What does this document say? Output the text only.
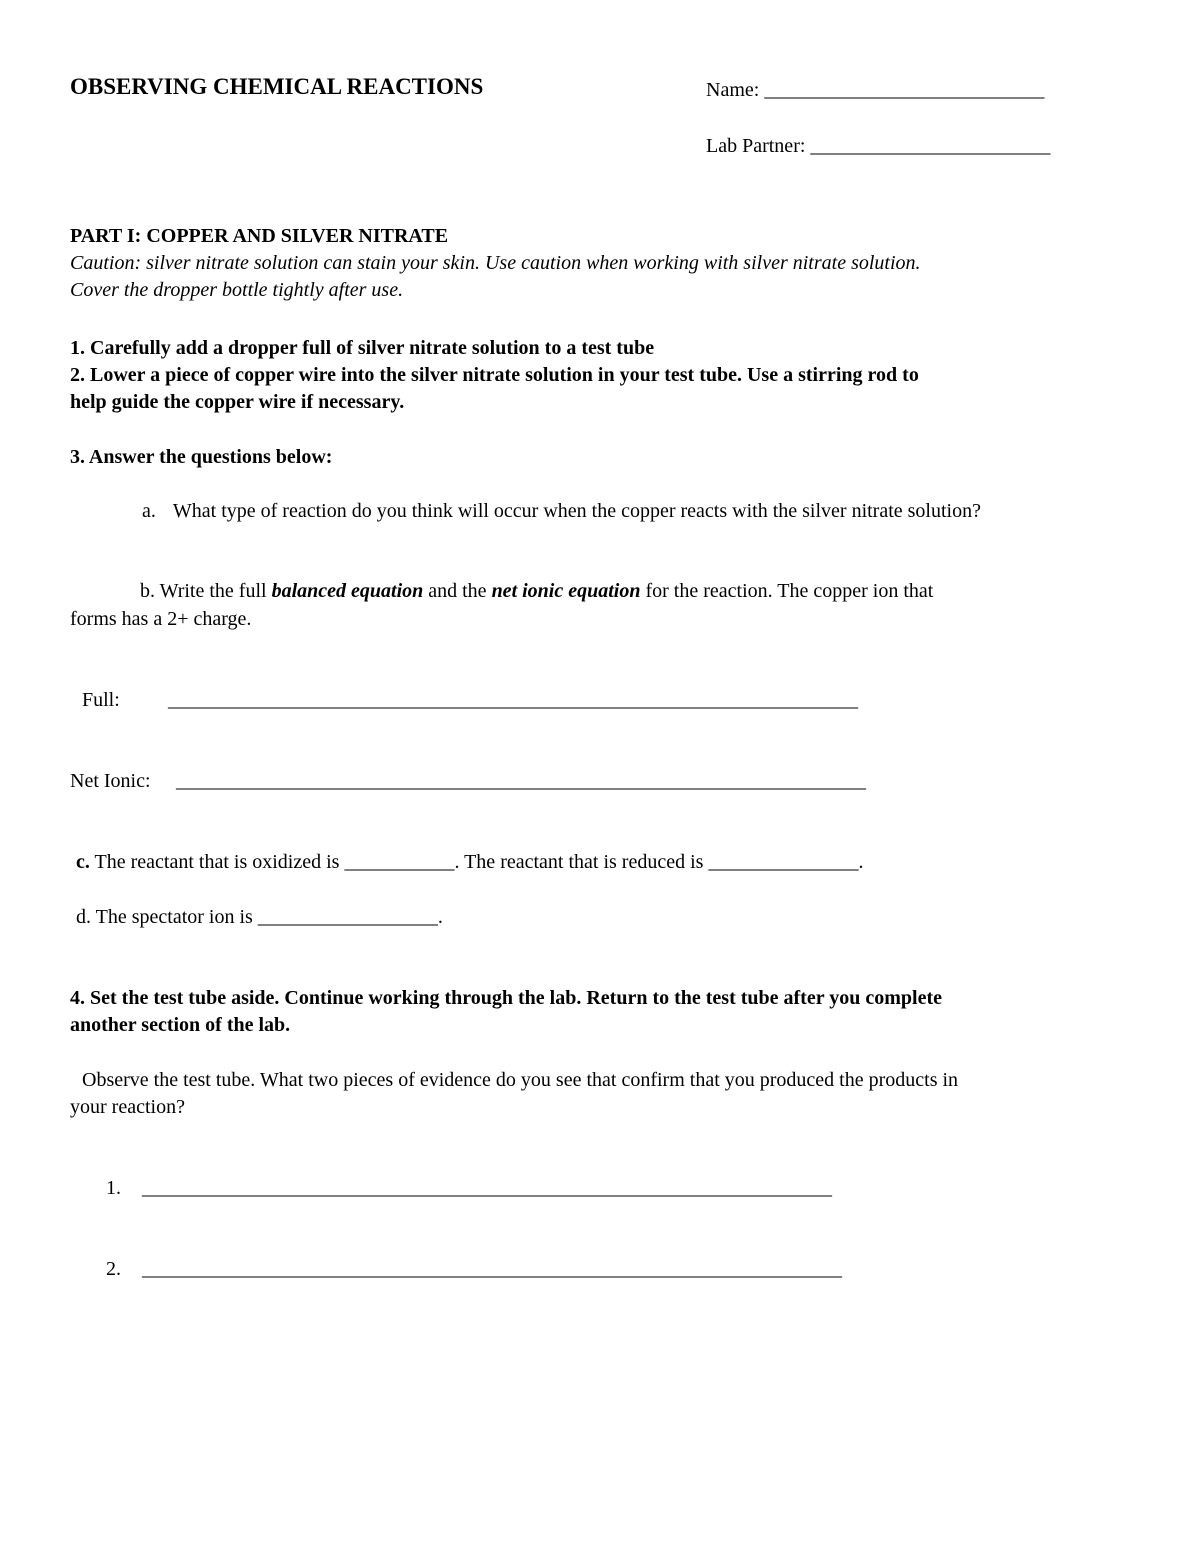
OBSERVING CHEMICAL REACTIONS	Name: ____________________________
Lab Partner: ________________________
PART I: COPPER AND SILVER NITRATE
Caution: silver nitrate solution can stain your skin. Use caution when working with silver nitrate solution.
Cover the dropper bottle tightly after use.
1. Carefully add a dropper full of silver nitrate solution to a test tube
2. Lower a piece of copper wire into the silver nitrate solution in your test tube. Use a stirring rod to
help guide the copper wire if necessary.
3. Answer the questions below:
a. What type of reaction do you think will occur when the copper reacts with the silver nitrate solution?
b. Write the full balanced equation and the net ionic equation for the reaction. The copper ion that
forms has a 2+ charge.
Full: _____________________________________________________________________
Net Ionic: _____________________________________________________________________
c. The reactant that is oxidized is ___________. The reactant that is reduced is _______________.
d. The spectator ion is __________________.
4. Set the test tube aside. Continue working through the lab. Return to the test tube after you complete
another section of the lab.
Observe the test tube. What two pieces of evidence do you see that confirm that you produced the products in
your reaction?
1. _____________________________________________________________________
2. ______________________________________________________________________
